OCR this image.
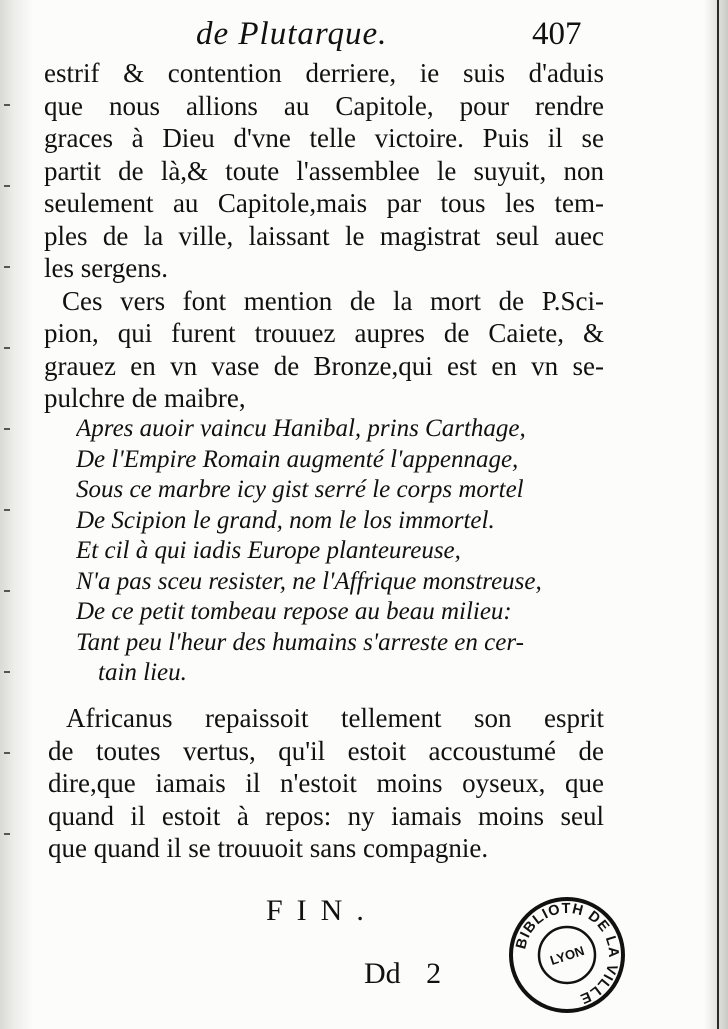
de Plutarque.	407
estrif & contention derriere, ie suis d'aduis
que nous allions au Capitole, pour rendre
graces à Dieu d'vne telle victoire. Puis il se
partit de là,& toute l'assemblee le suyuit, non
seulement au Capitole,mais par tous les tem-
ples de la ville, laissant le magistrat seul auec
les sergens.
Ces vers font mention de la mort de P.Sci-
pion, qui furent trouuez aupres de Caiete, &
grauez en vn vase de Bronze,qui est en vn se-
pulchre de maibre,
Apres auoir vaincu Hanibal, prins Carthage,
De l'Empire Romain augmenté l'appennage,
Sous ce marbre icy gist serré le corps mortel
De Scipion le grand, nom le los immortel.
Et cil à qui iadis Europe planteureuse,
N'a pas sceu resister, ne l'Affrique monstreuse,
De ce petit tombeau repose au beau milieu:
Tant peu l'heur des humains s'arreste en cer-
tain lieu.
Africanus repaissoit tellement son esprit
de toutes vertus, qu'il estoit accoustumé de
dire,que iamais il n'estoit moins oyseux, que
quand il estoit à repos: ny iamais moins seul
que quand il se trouuoit sans compagnie.
FIN.
Dd 2
BIBLIOTH DE LA VILLE
LYON
